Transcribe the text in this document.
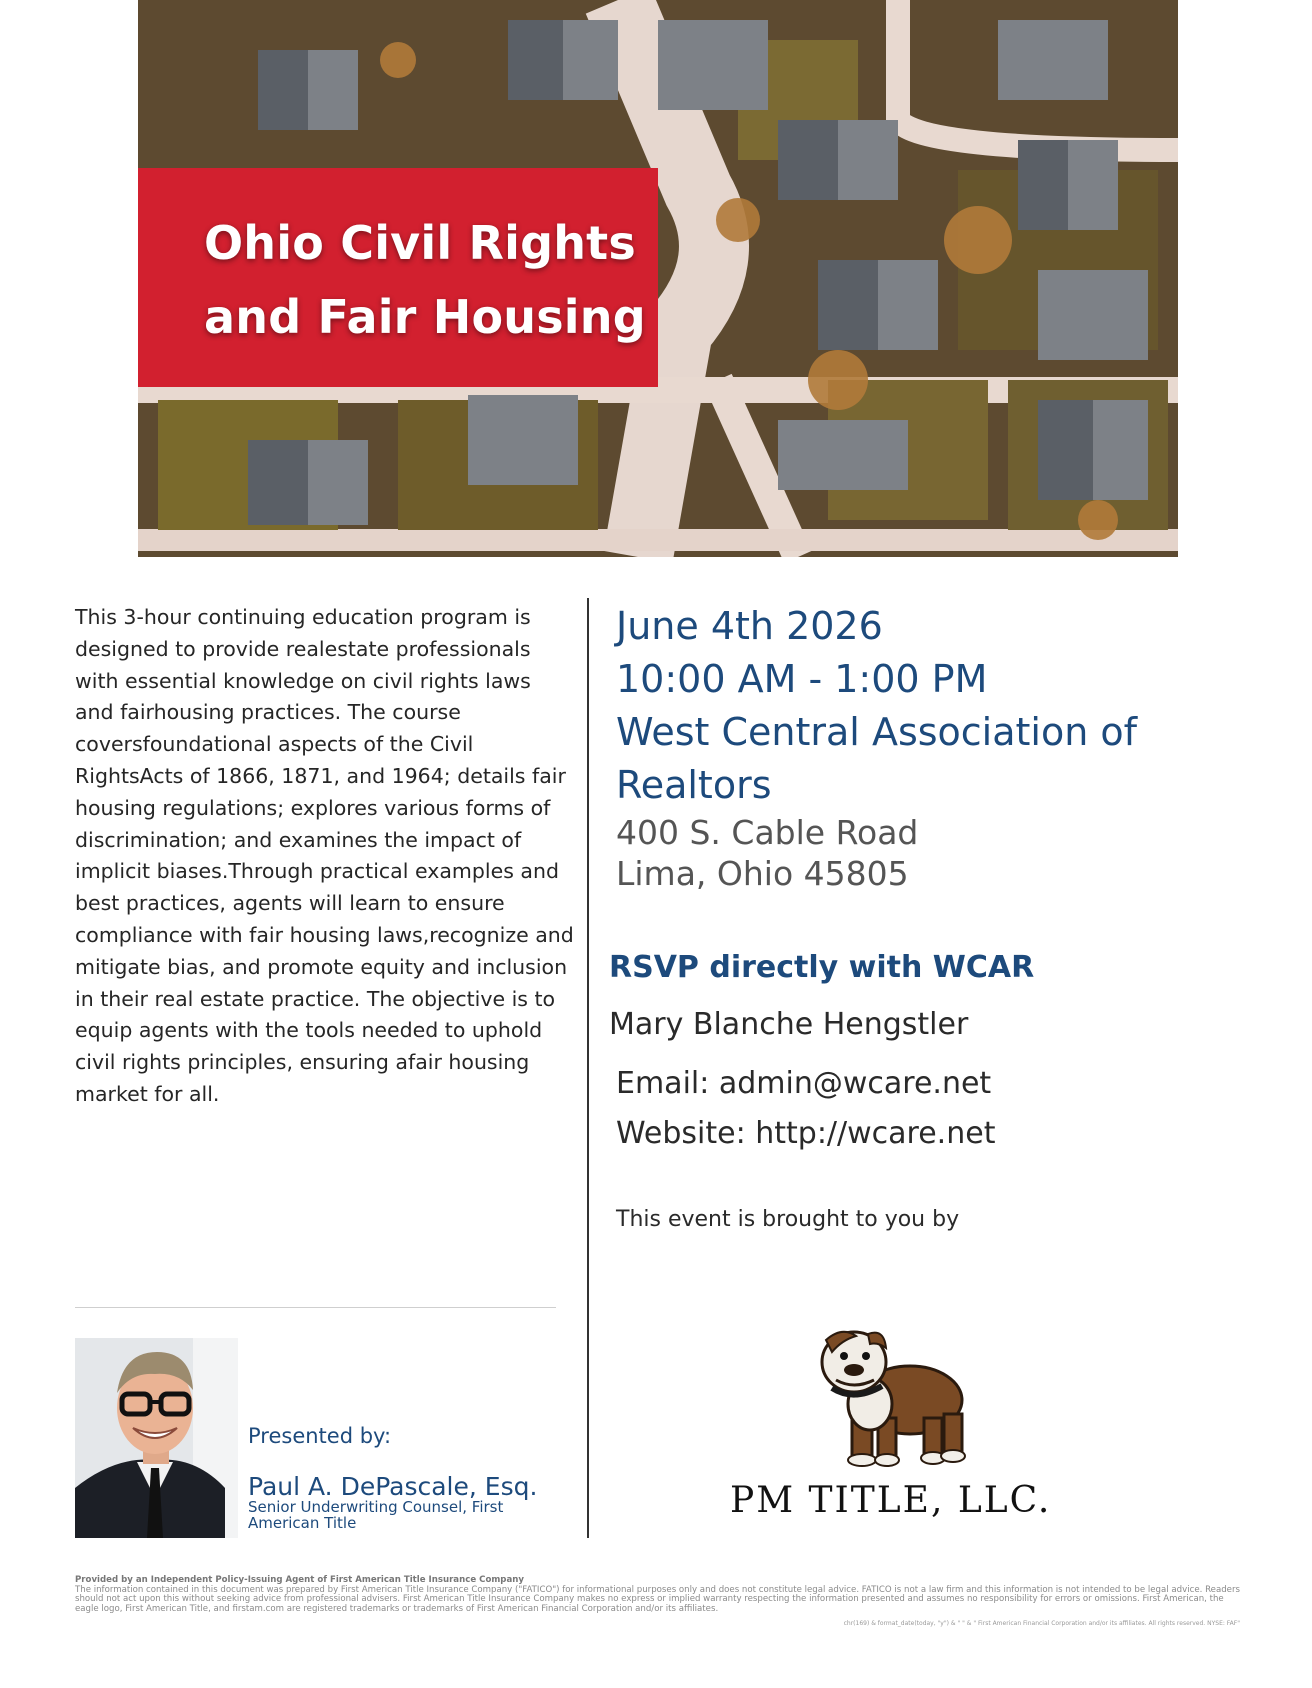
Ohio Civil Rights
and Fair Housing
This 3-hour continuing education program is designed to provide realestate professionals with essential knowledge on civil rights laws and fairhousing practices. The course coversfoundational aspects of the Civil RightsActs of 1866, 1871, and 1964; details fair housing regulations; explores various forms of discrimination; and examines the impact of implicit biases.Through practical examples and best practices, agents will learn to ensure compliance with fair housing laws,recognize and mitigate bias, and promote equity and inclusion in their real estate practice. The objective is to equip agents with the tools needed to uphold civil rights principles, ensuring afair housing market for all.
June 4th 2026
10:00 AM - 1:00 PM
West Central Association of
Realtors
400 S. Cable Road
Lima, Ohio 45805
RSVP directly with WCAR
Mary Blanche Hengstler
Email: admin@wcare.net
Website: http://wcare.net
This event is brought to you by
Presented by:
Paul A. DePascale, Esq.
Senior Underwriting Counsel, First American Title
PM TITLE, LLC.
Provided by an Independent Policy-Issuing Agent of First American Title Insurance Company
The information contained in this document was prepared by First American Title Insurance Company ("FATICO") for informational purposes only and does not constitute legal advice. FATICO is not a law firm and this information is not intended to be legal advice. Readers should not act upon this without seeking advice from professional advisers. First American Title Insurance Company makes no express or implied warranty respecting the information presented and assumes no responsibility for errors or omissions. First American, the eagle logo, First American Title, and firstam.com are registered trademarks or trademarks of First American Financial Corporation and/or its affiliates.
chr(169) & format_date(today, "y") & " " & " First American Financial Corporation and/or its affiliates. All rights reserved. NYSE: FAF"
